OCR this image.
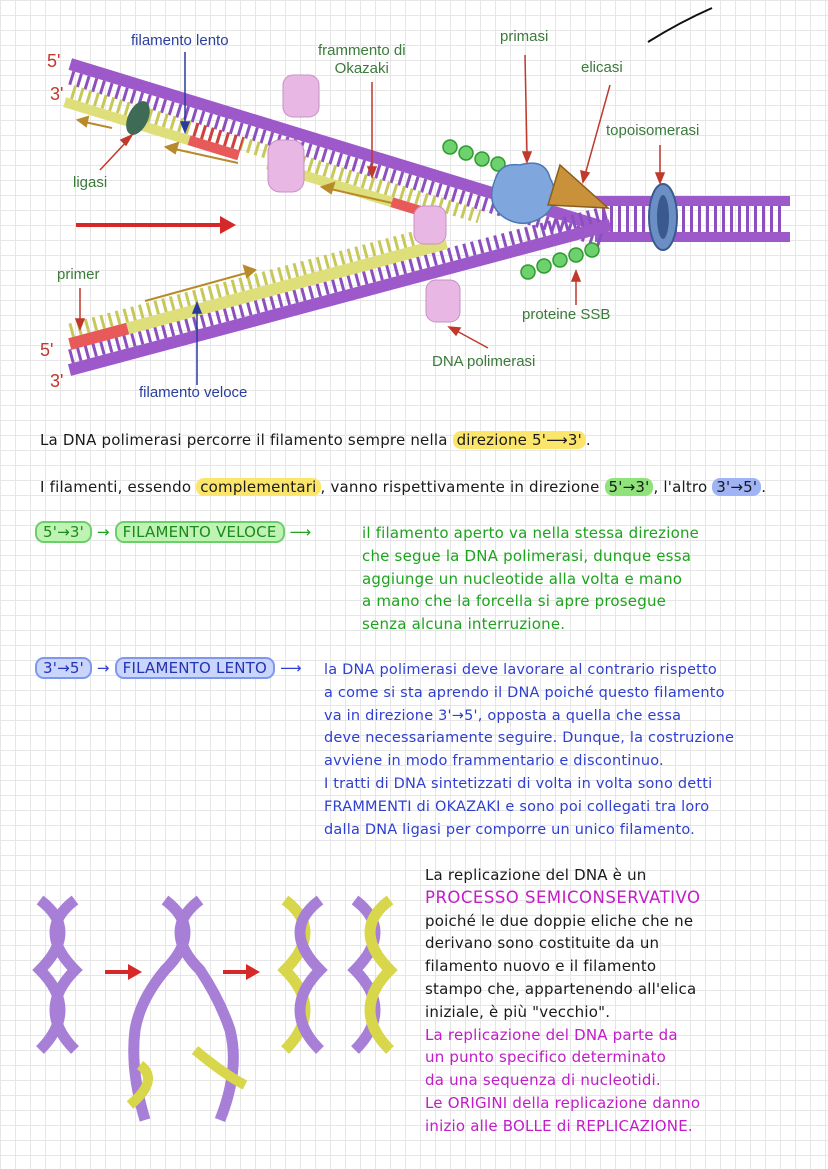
filamento lento
frammento di
Okazaki
primasi
elicasi
topoisomerasi
ligasi
primer
proteine SSB
DNA polimerasi
filamento veloce
5'
3'
5'
3'
La DNA polimerasi percorre il filamento sempre nella direzione 5'⟶3' .
I filamenti, essendo complementari , vanno rispettivamente in direzione 5'→3' , l'altro 3'→5' .
5'→3' → FILAMENTO VELOCE ⟶	il filamento aperto va nella stessa direzione
che segue la DNA polimerasi, dunque essa
aggiunge un nucleotide alla volta e mano
a mano che la forcella si apre prosegue
senza alcuna interruzione.
3'→5' → FILAMENTO LENTO ⟶ la DNA polimerasi deve lavorare al contrario rispetto
a come si sta aprendo il DNA poiché questo filamento
va in direzione 3'→5', opposta a quella che essa
deve necessariamente seguire. Dunque, la costruzione
avviene in modo frammentario e discontinuo.
I tratti di DNA sintetizzati di volta in volta sono detti
FRAMMENTI di OKAZAKI e sono poi collegati tra loro
dalla DNA ligasi per comporre un unico filamento.
La replicazione del DNA è un
PROCESSO SEMICONSERVATIVO
poiché le due doppie eliche che ne
derivano sono costituite da un
filamento nuovo e il filamento
stampo che, appartenendo all'elica
iniziale, è più "vecchio".
La replicazione del DNA parte da
un punto specifico determinato
da una sequenza di nucleotidi.
Le ORIGINI della replicazione danno
inizio alle BOLLE di REPLICAZIONE.
